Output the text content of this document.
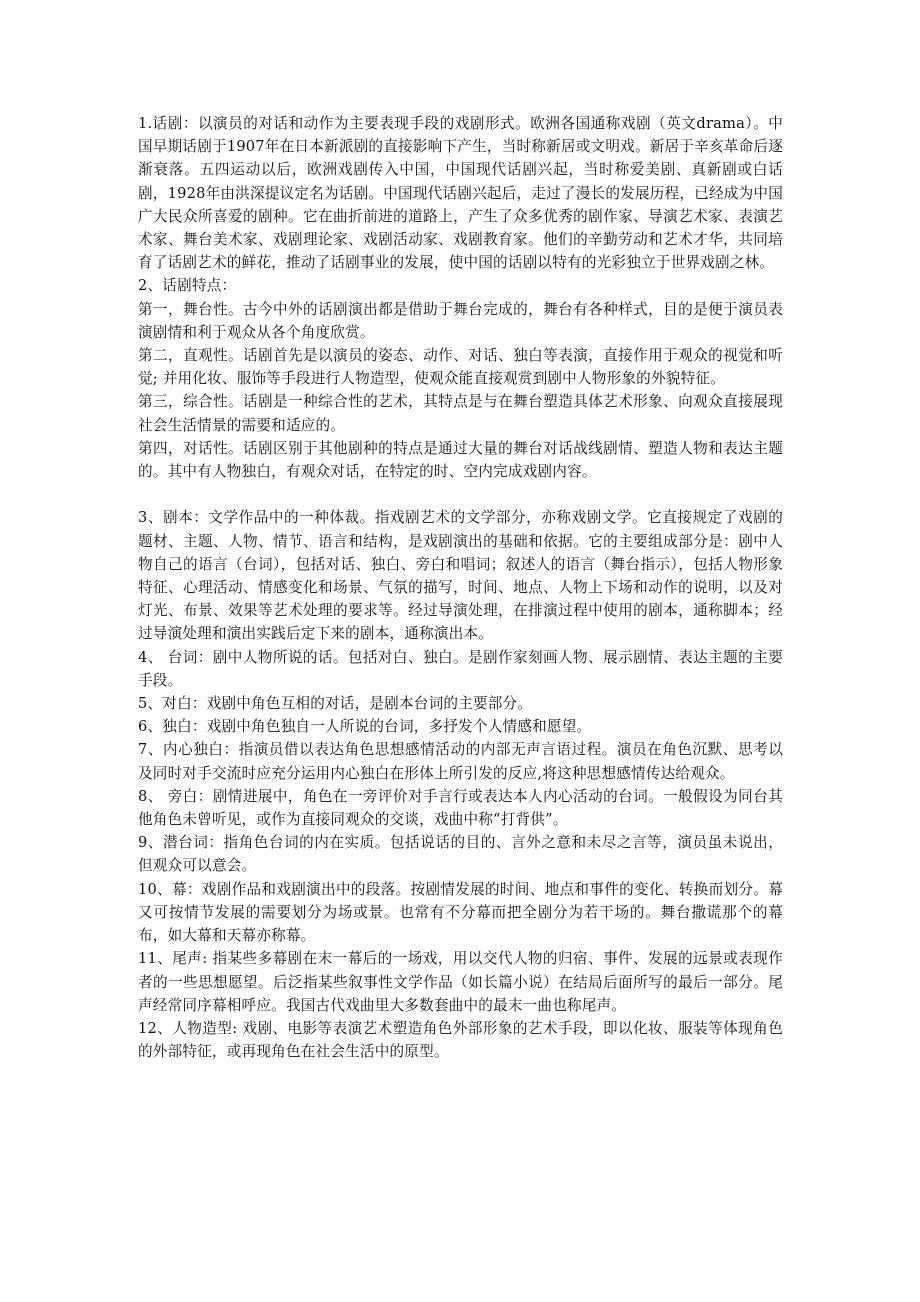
1.话剧：以演员的对话和动作为主要表现手段的戏剧形式。欧洲各国通称戏剧（英文drama）。中国早期话剧于1907年在日本新派剧的直接影响下产生，当时称新居或文明戏。新居于辛亥革命后逐渐衰落。五四运动以后，欧洲戏剧传入中国，中国现代话剧兴起，当时称爱美剧、真新剧或白话剧，1928年由洪深提议定名为话剧。中国现代话剧兴起后，走过了漫长的发展历程，已经成为中国广大民众所喜爱的剧种。它在曲折前进的道路上，产生了众多优秀的剧作家、导演艺术家、表演艺术家、舞台美术家、戏剧理论家、戏剧活动家、戏剧教育家。他们的辛勤劳动和艺术才华，共同培育了话剧艺术的鲜花，推动了话剧事业的发展，使中国的话剧以特有的光彩独立于世界戏剧之林。

2、话剧特点：

第一，舞台性。古今中外的话剧演出都是借助于舞台完成的，舞台有各种样式，目的是便于演员表演剧情和利于观众从各个角度欣赏。

第二，直观性。话剧首先是以演员的姿态、动作、对话、独白等表演，直接作用于观众的视觉和听觉; 并用化妆、服饰等手段进行人物造型，使观众能直接观赏到剧中人物形象的外貌特征。

第三，综合性。话剧是一种综合性的艺术，其特点是与在舞台塑造具体艺术形象、向观众直接展现社会生活情景的需要和适应的。

第四，对话性。话剧区别于其他剧种的特点是通过大量的舞台对话战线剧情、塑造人物和表达主题的。其中有人物独白，有观众对话，在特定的时、空内完成戏剧内容。

3、剧本：文学作品中的一种体裁。指戏剧艺术的文学部分，亦称戏剧文学。它直接规定了戏剧的题材、主题、人物、情节、语言和结构，是戏剧演出的基础和依据。它的主要组成部分是：剧中人物自己的语言（台词），包括对话、独白、旁白和唱词；叙述人的语言（舞台指示），包括人物形象特征、心理活动、情感变化和场景、气氛的描写，时间、地点、人物上下场和动作的说明，以及对灯光、布景、效果等艺术处理的要求等。经过导演处理，在排演过程中使用的剧本，通称脚本；经过导演处理和演出实践后定下来的剧本，通称演出本。

4、 台词：剧中人物所说的话。包括对白、独白。是剧作家刻画人物、展示剧情、表达主题的主要手段。

5、对白：戏剧中角色互相的对话，是剧本台词的主要部分。

6、独白：戏剧中角色独自一人所说的台词，多抒发个人情感和愿望。

7、内心独白：指演员借以表达角色思想感情活动的内部无声言语过程。演员在角色沉默、思考以及同时对手交流时应充分运用内心独白在形体上所引发的反应,将这种思想感情传达给观众。

8、 旁白：剧情进展中，角色在一旁评价对手言行或表达本人内心活动的台词。一般假设为同台其他角色未曾听见，或作为直接同观众的交谈，戏曲中称“打背供”。

9、潜台词：指角色台词的内在实质。包括说话的目的、言外之意和未尽之言等，演员虽未说出，但观众可以意会。

10、幕：戏剧作品和戏剧演出中的段落。按剧情发展的时间、地点和事件的变化、转换而划分。幕又可按情节发展的需要划分为场或景。也常有不分幕而把全剧分为若干场的。舞台撒谎那个的幕布，如大幕和天幕亦称幕。

11、尾声: 指某些多幕剧在末一幕后的一场戏，用以交代人物的归宿、事件、发展的远景或表现作者的一些思想愿望。后泛指某些叙事性文学作品（如长篇小说）在结局后面所写的最后一部分。尾声经常同序幕相呼应。我国古代戏曲里大多数套曲中的最末一曲也称尾声。

12、人物造型: 戏剧、电影等表演艺术塑造角色外部形象的艺术手段，即以化妆、服装等体现角色的外部特征，或再现角色在社会生活中的原型。
